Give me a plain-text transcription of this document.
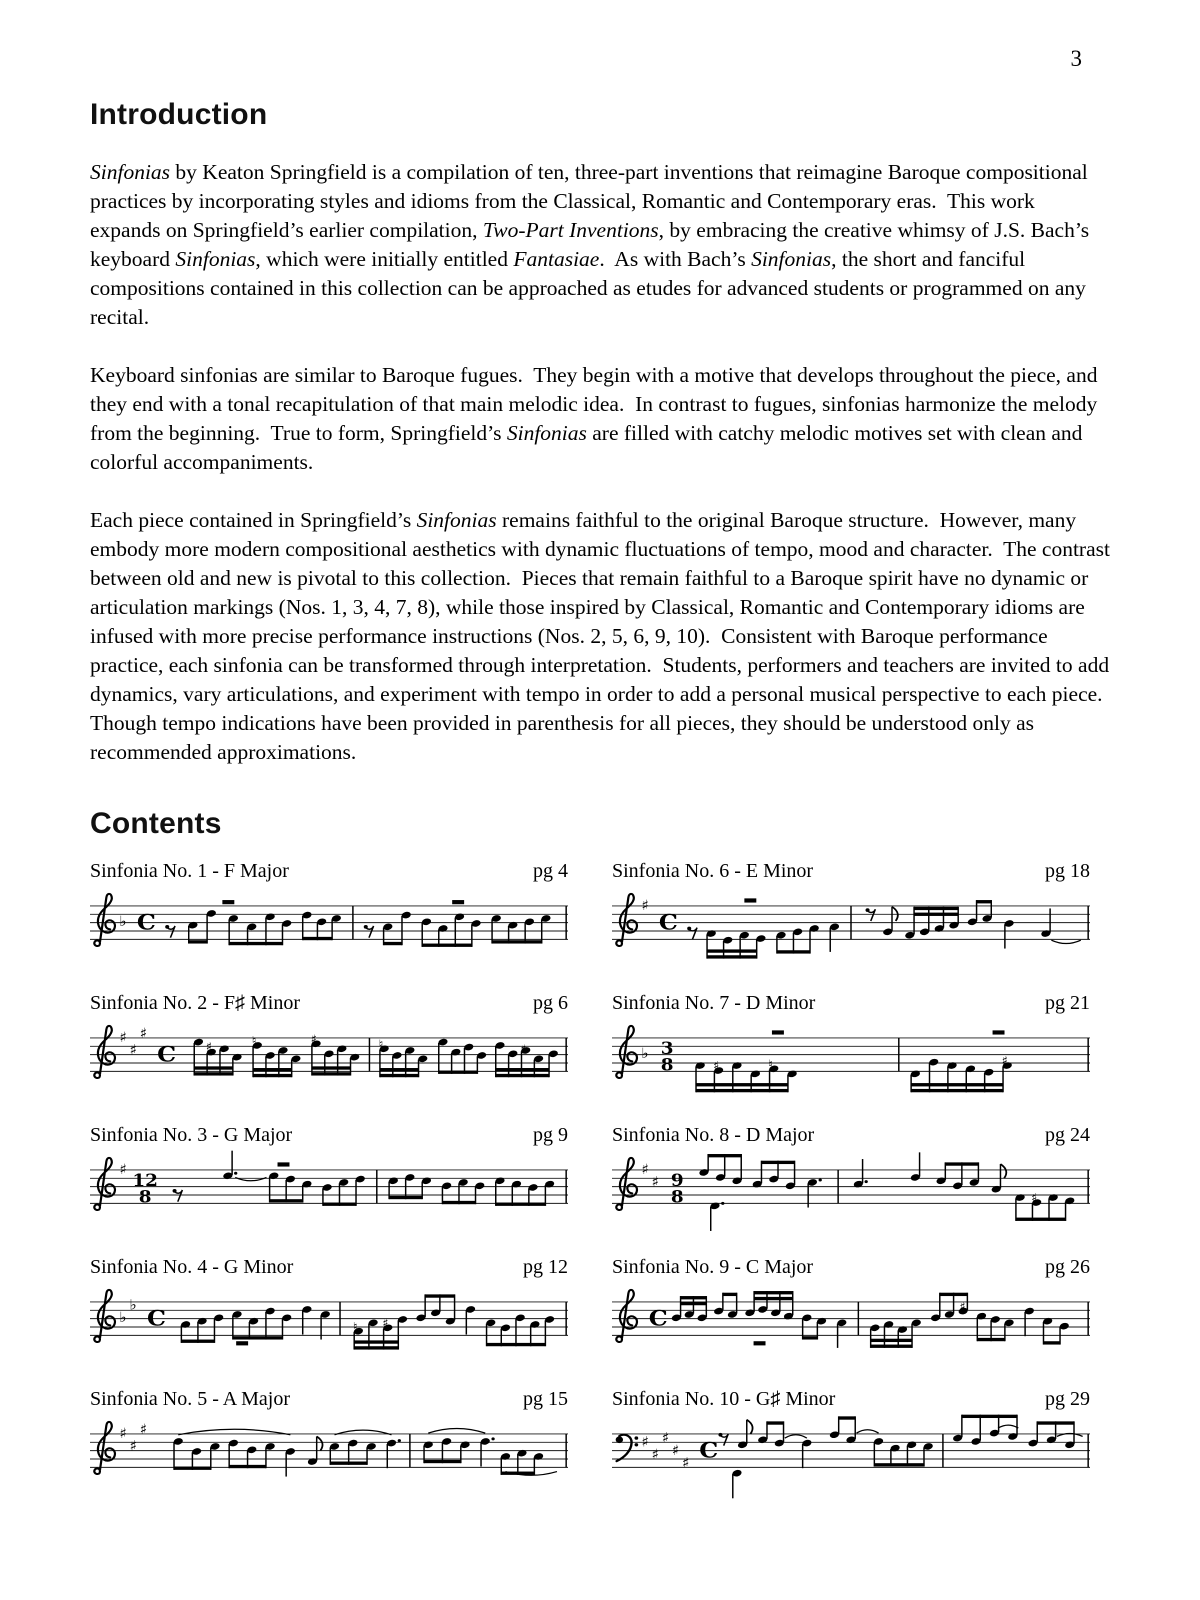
3
Introduction

Sinfonias by Keaton Springfield is a compilation of ten, three-part inventions that reimagine Baroque compositional practices by incorporating styles and idioms from the Classical, Romantic and Contemporary eras.  This work expands on Springfield’s earlier compilation, Two-Part Inventions, by embracing the creative whimsy of J.S. Bach’s keyboard Sinfonias, which were initially entitled Fantasiae.  As with Bach’s Sinfonias, the short and fanciful compositions contained in this collection can be approached as etudes for advanced students or programmed on any recital.

Keyboard sinfonias are similar to Baroque fugues.  They begin with a motive that develops throughout the piece, and they end with a tonal recapitulation of that main melodic idea.  In contrast to fugues, sinfonias harmonize the melody from the beginning.  True to form, Springfield’s Sinfonias are filled with catchy melodic motives set with clean and colorful accompaniments.

Each piece contained in Springfield’s Sinfonias remains faithful to the original Baroque structure.  However, many embody more modern compositional aesthetics with dynamic fluctuations of tempo, mood and character.  The contrast between old and new is pivotal to this collection.  Pieces that remain faithful to a Baroque spirit have no dynamic or articulation markings (Nos. 1, 3, 4, 7, 8), while those inspired by Classical, Romantic and Contemporary idioms are infused with more precise performance instructions (Nos. 2, 5, 6, 9, 10).  Consistent with Baroque performance practice, each sinfonia can be transformed through interpretation.  Students, performers and teachers are invited to add dynamics, vary articulations, and experiment with tempo in order to add a personal musical perspective to each piece.  Though tempo indications have been provided in parenthesis for all pieces, they should be understood only as recommended approximations.

Contents
Sinfonia No. 1 - F Major	pg 4
♭ C
Sinfonia No. 6 - E Minor	pg 18
♯
C
Sinfonia No. 2 - F♯ Minor	pg 6
♯
♯
♯
C ♯	♮	♯	♮	♯
Sinfonia No. 7 - D Minor	pg 21
♭ 3
8	♯	♮	♯
Sinfonia No. 3 - G Major	pg 9
♯
12
8
Sinfonia No. 8 - D Major	pg 24
♯
♯ 9
8	♯
Sinfonia No. 4 - G Minor	pg 12
♭
♭
C	♮ ♯
Sinfonia No. 9 - C Major	pg 26
C	♯
Sinfonia No. 5 - A Major	pg 15
♯
♯
♯
Sinfonia No. 10 - G♯ Minor	pg 29
♯
♯
♯
♯
♯ C
